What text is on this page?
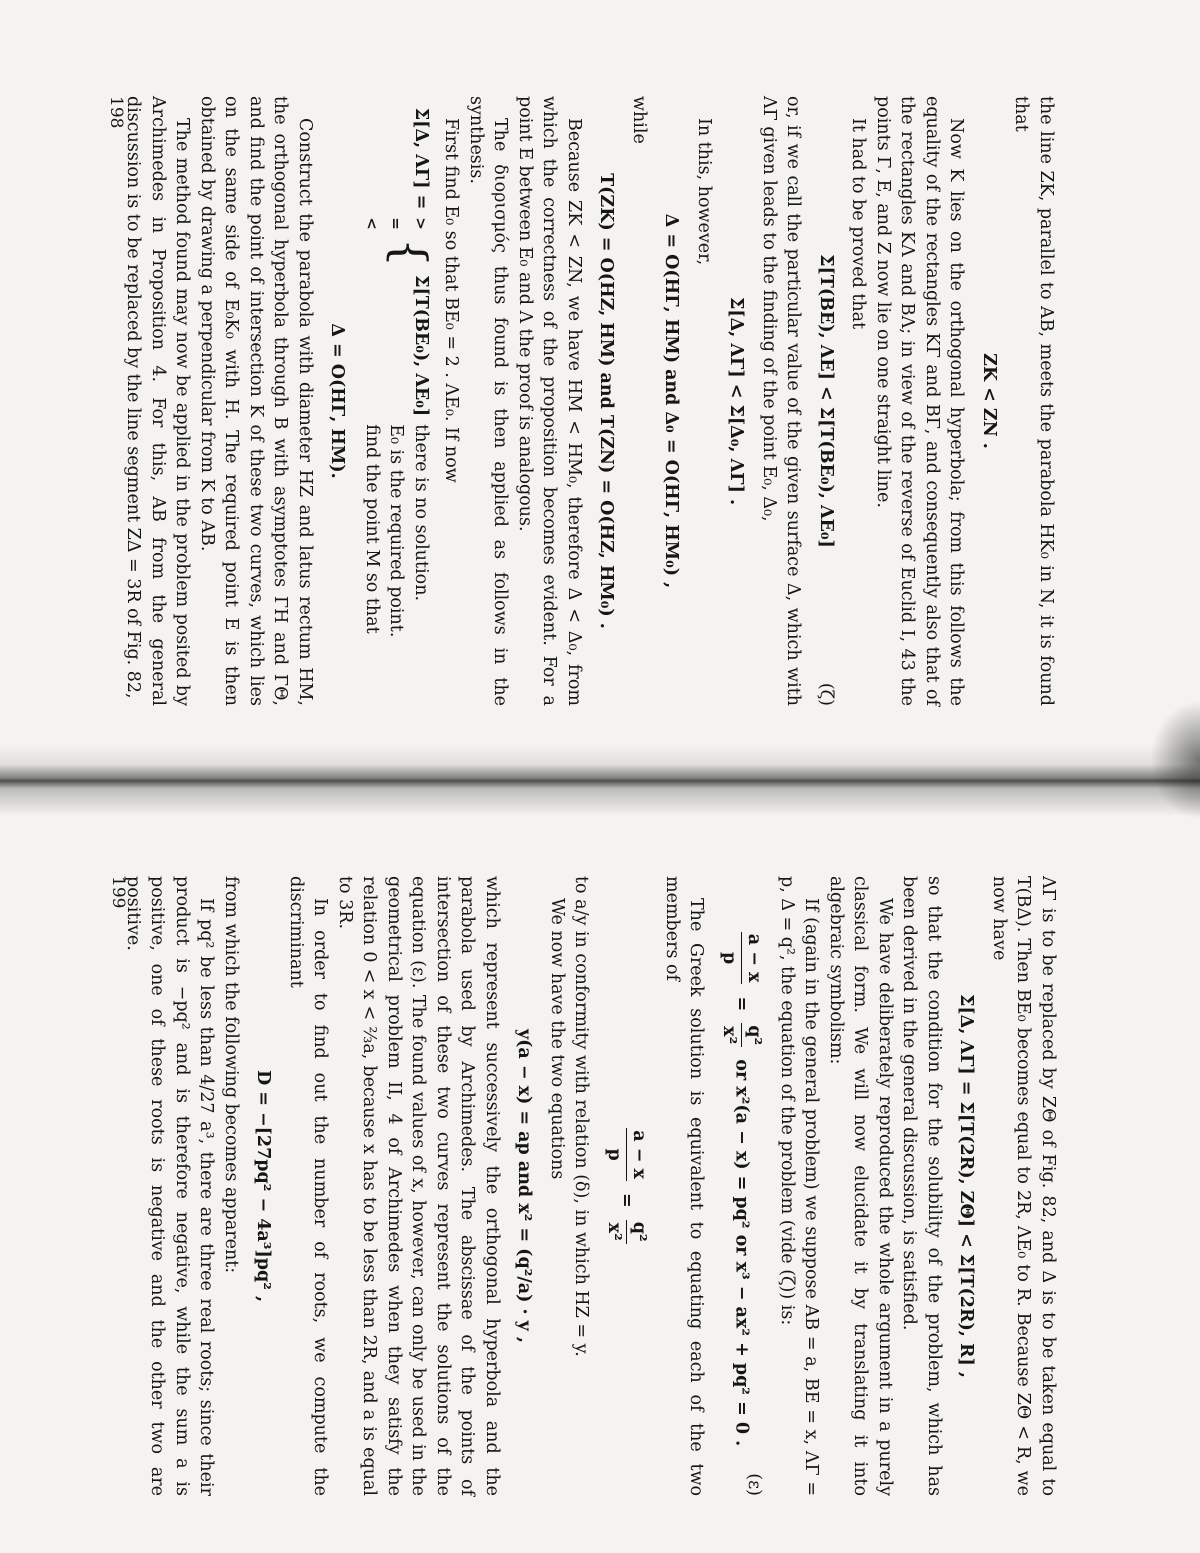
the line ZK, parallel to AB, meets the parabola HK₀ in N, it is found that

ZK < ZN .

Now K lies on the orthogonal hyperbola; from this follows the equality of the rectangles KΓ and BΓ, and consequently also that of the rectangles KΛ and BΛ; in view of the reverse of Euclid I, 43 the points Γ, E, and Z now lie on one straight line.

It had to be proved that

Σ[T(BE), ΛE] < Σ[T(BE₀), ΛE₀]
(ζ)

or, if we call the particular value of the given surface Δ, which with ΛΓ given leads to the finding of the point E₀, Δ₀,

Σ[Δ, ΛΓ] < Σ[Δ₀, ΛΓ] .

In this, however,

Δ = O(HΓ, HM) and Δ₀ = O(HΓ, HM₀) ,

while

T(ZK) = O(HZ, HM) and T(ZN) = O(HZ, HM₀) .

Because ZK < ZN, we have HM < HM₀, therefore Δ < Δ₀, from which the correctness of the proposition becomes evident. For a point E between E₀ and Λ the proof is analogous.

The διορισμός thus found is then applied as follows in the synthesis.

First find E₀ so that BE₀ = 2 . ΛE₀. If now

Σ[Δ, ΛΓ] =
>
=
<
{
Σ[T(BE₀), ΛE₀]
there is no solution.
E₀ is the required point.
find the point M so that
Δ = O(HΓ, HM).

Construct the parabola with diameter HZ and latus rectum HM, the orthogonal hyperbola through B with asymptotes ΓH and ΓΘ, and find the point of intersection K of these two curves, which lies on the same side of E₀K₀ with H. The required point E is then obtained by drawing a perpendicular from K to AB.

The method found may now be applied in the problem posited by Archimedes in Proposition 4. For this, AB from the general discussion is to be replaced by the line segment ZΔ = 3R of Fig. 82,

198

ΛΓ is to be replaced by ZΘ of Fig. 82, and Δ is to be taken equal to T(BΔ). Then BE₀ becomes equal to 2R, ΛE₀ to R. Because ZΘ < R, we now have

Σ[Δ, ΛΓ] = Σ[T(2R), ZΘ] < Σ[T(2R), R] ,

so that the condition for the solubility of the problem, which has been derived in the general discussion, is satisfied.

We have deliberately reproduced the whole argument in a purely classical form. We will now elucidate it by translating it into algebraic symbolism:

If (again in the general problem) we suppose AB = a, BE = x, ΛΓ = p, Δ = q², the equation of the problem (vide (ζ)) is:

a − x
p
=
q²
x²
or x²(a − x) = pq² or x³ − ax² + pq² = 0 .
(ε)

The Greek solution is equivalent to equating each of the two members of

a − x
p
=
q²
x²

to a/y in conformity with relation (δ), in which HZ = y.

We now have the two equations

y(a − x) = ap and x² = (q²/a) · y ,

which represent successively the orthogonal hyperbola and the parabola used by Archimedes. The abscissae of the points of intersection of these two curves represent the solutions of the equation (ε). The found values of x, however, can only be used in the geometrical problem II, 4 of Archimedes when they satisfy the relation 0 < x < ⅔a, because x has to be less than 2R, and a is equal to 3R.

In order to find out the number of roots, we compute the discriminant

D = −[27pq² − 4a³]pq² ,

from which the following becomes apparent:

If pq² be less than 4/27 a³, there are three real roots; since their product is −pq² and is therefore negative, while the sum a is positive, one of these roots is negative and the other two are positive.

199
